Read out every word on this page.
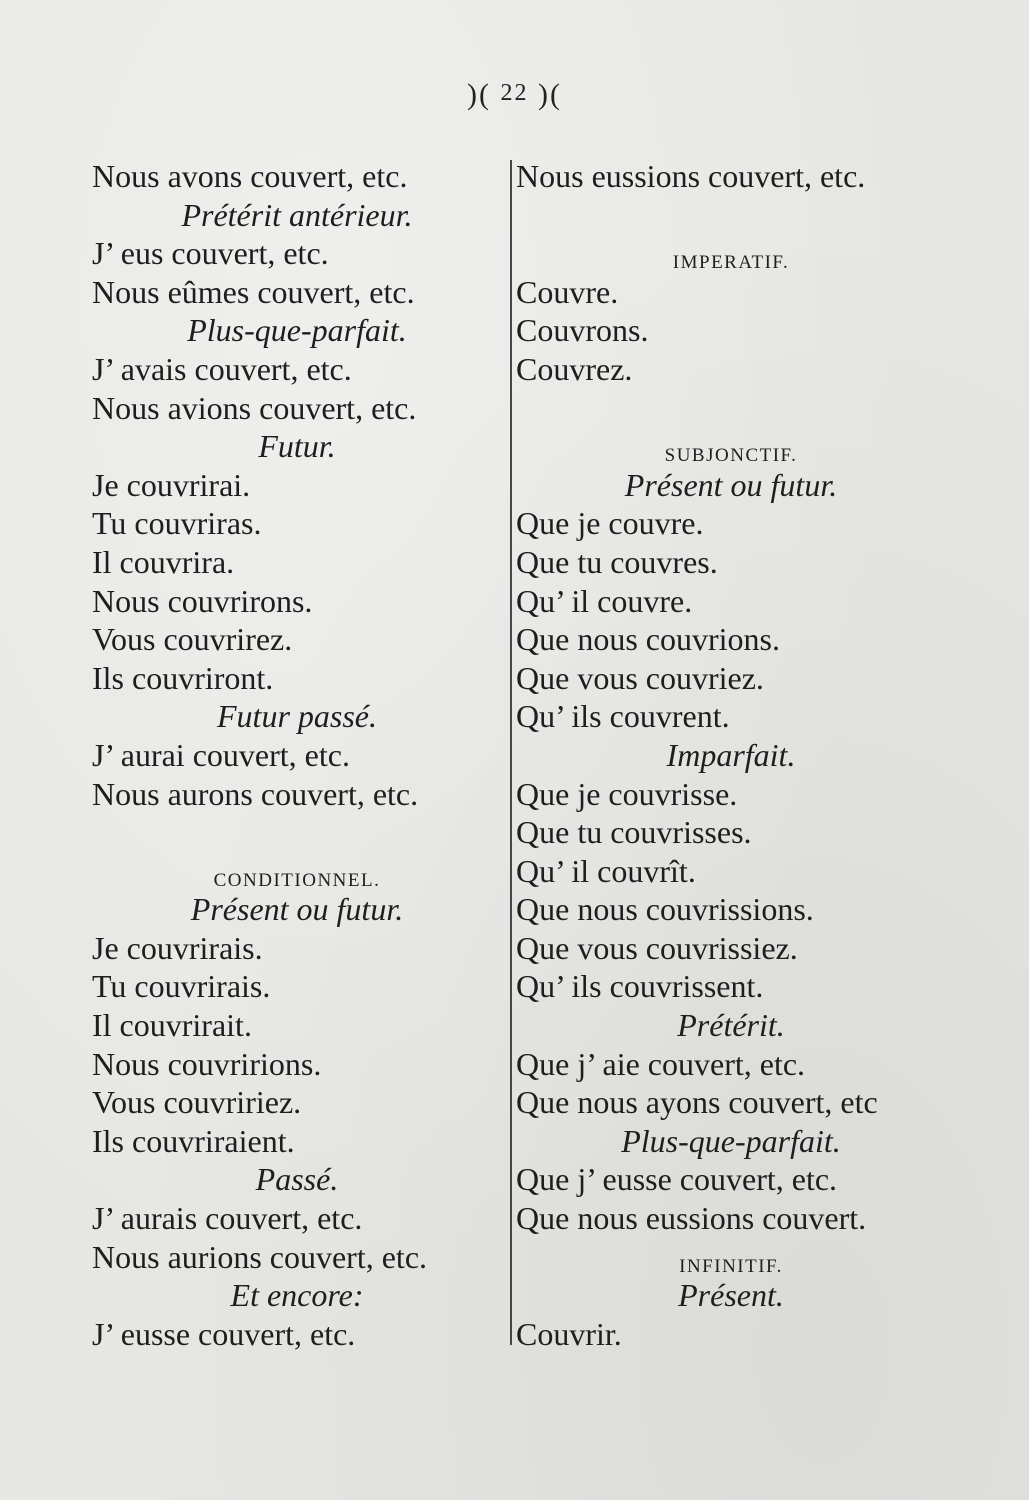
)( 22 )(
Nous avons couvert, etc.
Prétérit antérieur.
J’ eus couvert, etc.
Nous eûmes couvert, etc.
Plus-que-parfait.
J’ avais couvert, etc.
Nous avions couvert, etc.
Futur.
Je couvrirai.
Tu couvriras.
Il couvrira.
Nous couvrirons.
Vous couvrirez.
Ils couvriront.
Futur passé.
J’ aurai couvert, etc.
Nous aurons couvert, etc.
CONDITIONNEL.
Présent ou futur.
Je couvrirais.
Tu couvrirais.
Il couvrirait.
Nous couvririons.
Vous couvririez.
Ils couvriraient.
Passé.
J’ aurais couvert, etc.
Nous aurions couvert, etc.
Et encore:
J’ eusse couvert, etc.
Nous eussions couvert, etc.
IMPERATIF.
Couvre.
Couvrons.
Couvrez.
SUBJONCTIF.
Présent ou futur.
Que je couvre.
Que tu couvres.
Qu’ il couvre.
Que nous couvrions.
Que vous couvriez.
Qu’ ils couvrent.
Imparfait.
Que je couvrisse.
Que tu couvrisses.
Qu’ il couvrît.
Que nous couvrissions.
Que vous couvrissiez.
Qu’ ils couvrissent.
Prétérit.
Que j’ aie couvert, etc.
Que nous ayons couvert, etc
Plus-que-parfait.
Que j’ eusse couvert, etc.
Que nous eussions couvert.
INFINITIF.
Présent.
Couvrir.
